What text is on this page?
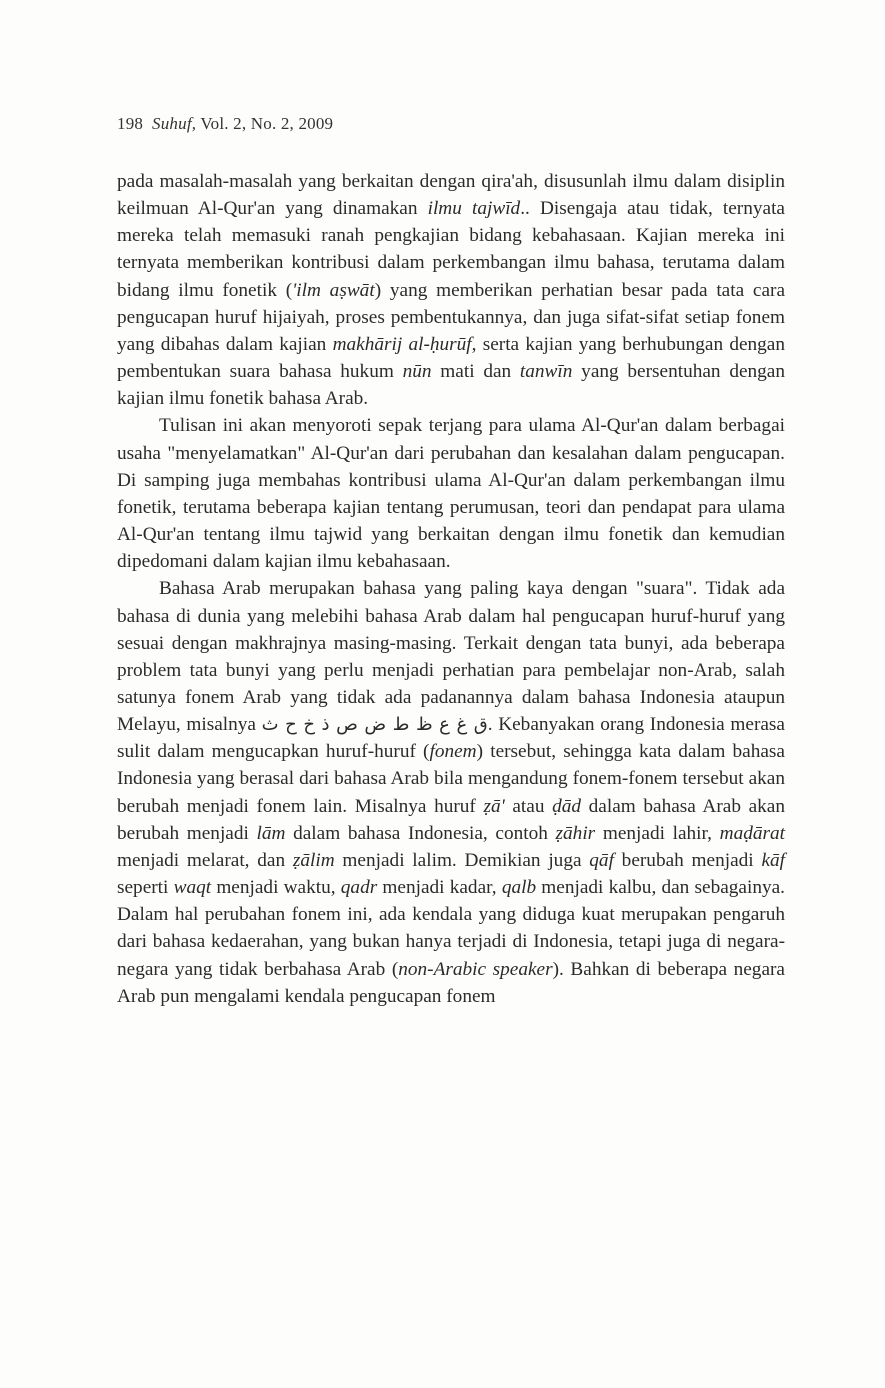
198 Suhuf, Vol. 2, No. 2, 2009

pada masalah-masalah yang berkaitan dengan qira'ah, disusunlah ilmu dalam disiplin keilmuan Al-Qur'an yang dinamakan ilmu tajwīd.. Disengaja atau tidak, ternyata mereka telah memasuki ranah pengkajian bidang kebahasaan. Kajian mereka ini ternyata memberikan kontribusi dalam perkembangan ilmu bahasa, terutama dalam bidang ilmu fonetik ('ilm aṣwāt) yang memberikan perhatian besar pada tata cara pengucapan huruf hijaiyah, proses pembentukannya, dan juga sifat-sifat setiap fonem yang dibahas dalam kajian makhārij al-ḥurūf, serta kajian yang berhubungan dengan pembentukan suara bahasa hukum nūn mati dan tanwīn yang bersentuhan dengan kajian ilmu fonetik bahasa Arab.

Tulisan ini akan menyoroti sepak terjang para ulama Al-Qur'an dalam berbagai usaha "menyelamatkan" Al-Qur'an dari perubahan dan kesalahan dalam pengucapan. Di samping juga membahas kontribusi ulama Al-Qur'an dalam perkembangan ilmu fonetik, terutama beberapa kajian tentang perumusan, teori dan pendapat para ulama Al-Qur'an tentang ilmu tajwid yang berkaitan dengan ilmu fonetik dan kemudian dipedomani dalam kajian ilmu kebahasaan.

Bahasa Arab merupakan bahasa yang paling kaya dengan "suara". Tidak ada bahasa di dunia yang melebihi bahasa Arab dalam hal pengucapan huruf-huruf yang sesuai dengan makhrajnya masing-masing. Terkait dengan tata bunyi, ada beberapa problem tata bunyi yang perlu menjadi perhatian para pembelajar non-Arab, salah satunya fonem Arab yang tidak ada padanannya dalam bahasa Indonesia ataupun Melayu, misalnya ق غ ع ظ ط ض ص ذ خ ح ث. Kebanyakan orang Indonesia merasa sulit dalam mengucapkan huruf-huruf (fonem) tersebut, sehingga kata dalam bahasa Indonesia yang berasal dari bahasa Arab bila mengandung fonem-fonem tersebut akan berubah menjadi fonem lain. Misalnya huruf ẓā' atau ḍād dalam bahasa Arab akan berubah menjadi lām dalam bahasa Indonesia, contoh ẓāhir menjadi lahir, maḍārat menjadi melarat, dan ẓālim menjadi lalim. Demikian juga qāf berubah menjadi kāf seperti waqt menjadi waktu, qadr menjadi kadar, qalb menjadi kalbu, dan sebagainya. Dalam hal perubahan fonem ini, ada kendala yang diduga kuat merupakan pengaruh dari bahasa kedaerahan, yang bukan hanya terjadi di Indonesia, tetapi juga di negara-negara yang tidak berbahasa Arab (non-Arabic speaker). Bahkan di beberapa negara Arab pun mengalami kendala pengucapan fonem
